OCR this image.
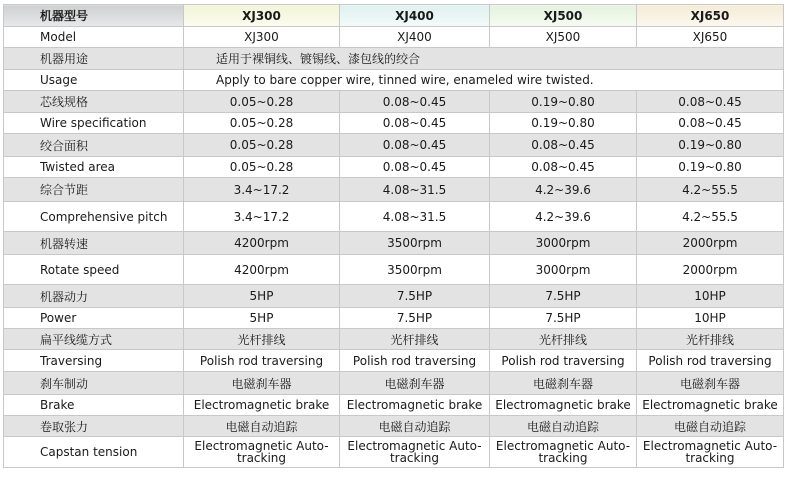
机器型号	XJ300	XJ400	XJ500	XJ650
Model	XJ300	XJ400	XJ500	XJ650
机器用途	适用于裸铜线、镀锡线、漆包线的绞合			
Usage	Apply to bare copper wire, tinned wire, enameled wire twisted.			
芯线规格	0.05~0.28	0.08~0.45	0.19~0.80	0.08~0.45
Wire specification	0.05~0.28	0.08~0.45	0.19~0.80	0.08~0.45
绞合面积	0.05~0.28	0.08~0.45	0.08~0.45	0.19~0.80
Twisted area	0.05~0.28	0.08~0.45	0.08~0.45	0.19~0.80
综合节距	3.4~17.2	4.08~31.5	4.2~39.6	4.2~55.5
Comprehensive pitch	3.4~17.2	4.08~31.5	4.2~39.6	4.2~55.5
机器转速	4200rpm	3500rpm	3000rpm	2000rpm
Rotate speed	4200rpm	3500rpm	3000rpm	2000rpm
机器动力	5HP	7.5HP	7.5HP	10HP
Power	5HP	7.5HP	7.5HP	10HP
扁平线缆方式	光杆排线	光杆排线	光杆排线	光杆排线
Traversing	Polish rod traversing	Polish rod traversing	Polish rod traversing	Polish rod traversing
刹车制动	电磁刹车器	电磁刹车器	电磁刹车器	电磁刹车器
Brake	Electromagnetic brake	Electromagnetic brake	Electromagnetic brake	Electromagnetic brake
卷取张力	电磁自动追踪	电磁自动追踪	电磁自动追踪	电磁自动追踪
Capstan tension	Electromagnetic Auto-tracking	Electromagnetic Auto-tracking	Electromagnetic Auto-tracking	Electromagnetic Auto-tracking
